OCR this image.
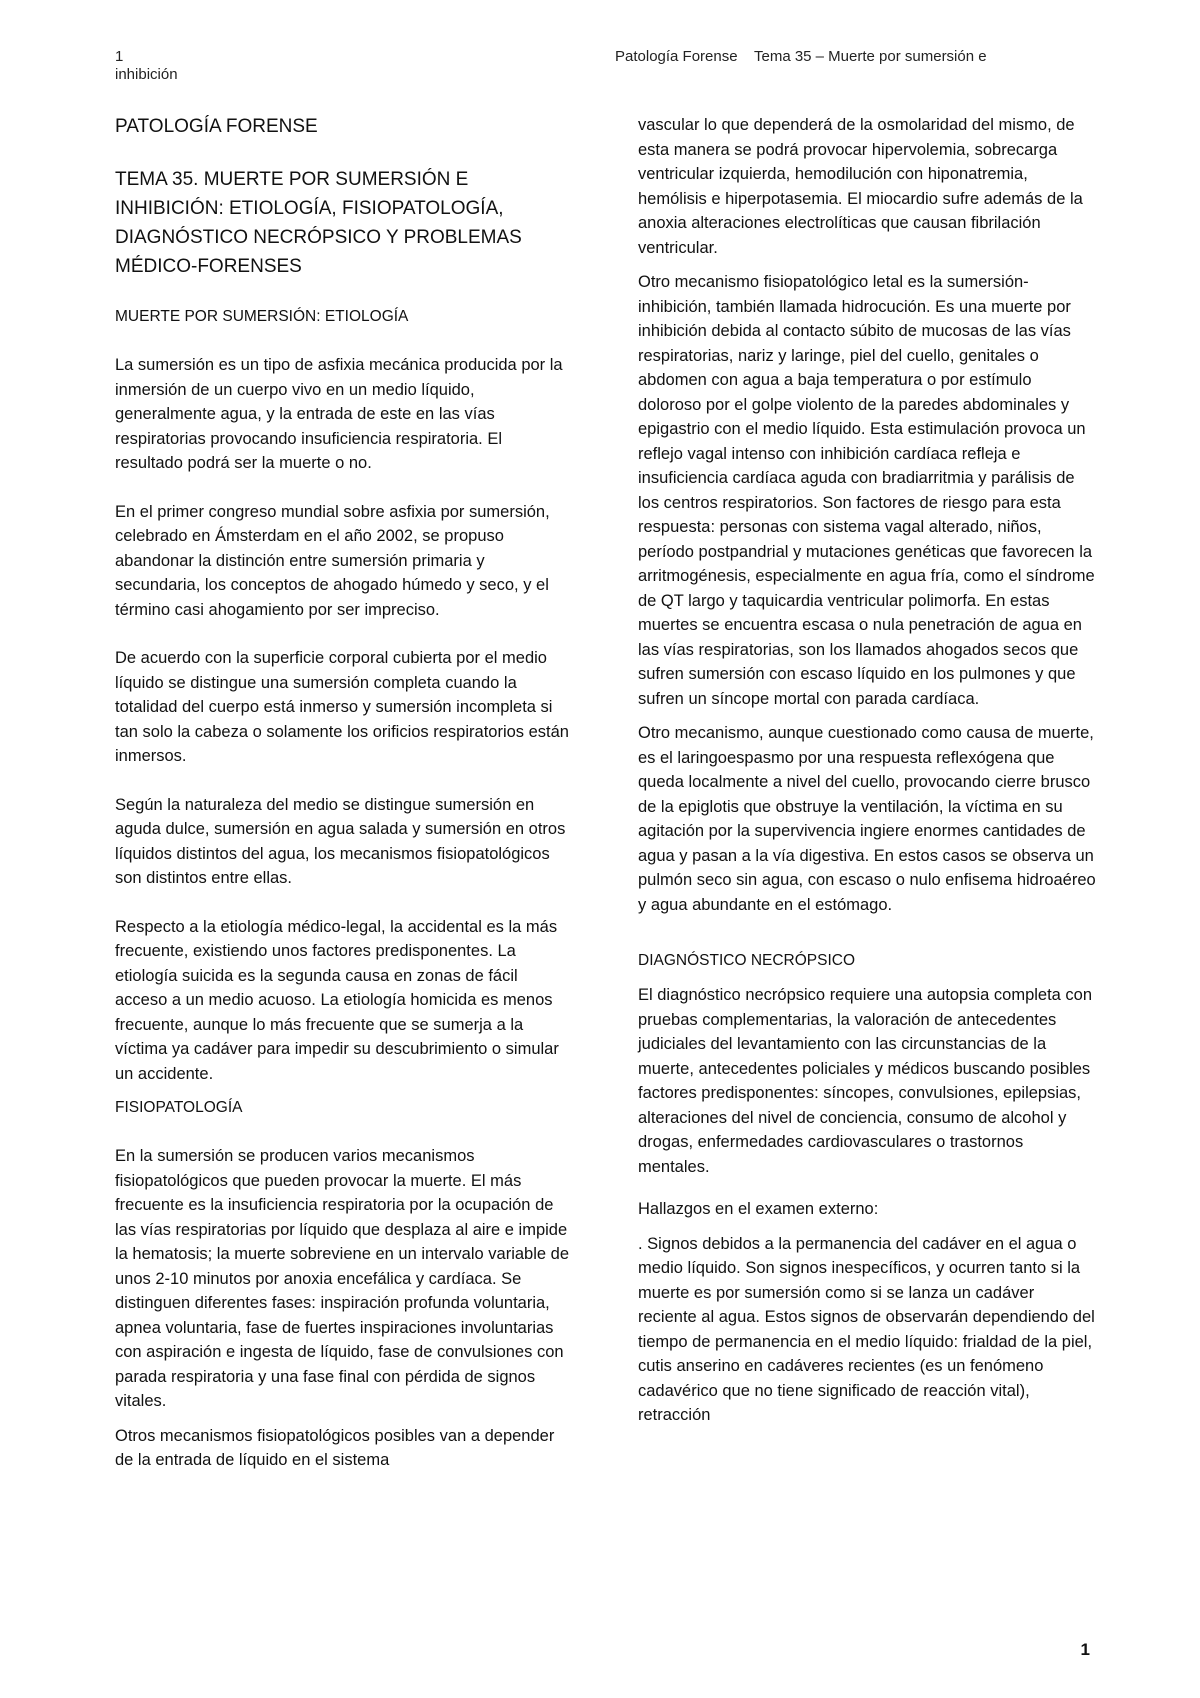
1
inhibición
Patología Forense    Tema 35 – Muerte por sumersión e

PATOLOGÍA FORENSE

TEMA 35. MUERTE POR SUMERSIÓN E INHIBICIÓN: ETIOLOGÍA, FISIOPATOLOGÍA, DIAGNÓSTICO NECRÓPSICO Y PROBLEMAS MÉDICO-FORENSES

MUERTE POR SUMERSIÓN: ETIOLOGÍA

La sumersión es un tipo de asfixia mecánica producida por la inmersión de un cuerpo vivo en un medio líquido, generalmente agua, y la entrada de este en las vías respiratorias provocando insuficiencia respiratoria. El resultado podrá ser la muerte o no.

En el primer congreso mundial sobre asfixia por sumersión, celebrado en Ámsterdam en el año 2002, se propuso abandonar la distinción entre sumersión primaria y secundaria, los conceptos de ahogado húmedo y seco, y el término casi ahogamiento por ser impreciso.

De acuerdo con la superficie corporal cubierta por el medio líquido se distingue una sumersión completa cuando la totalidad del cuerpo está inmerso y sumersión incompleta si tan solo la cabeza o solamente los orificios respiratorios están inmersos.

Según la naturaleza del medio se distingue sumersión en aguda dulce, sumersión en agua salada y sumersión en otros líquidos distintos del agua, los mecanismos fisiopatológicos son distintos entre ellas.

Respecto a la etiología médico-legal, la accidental es la más frecuente, existiendo unos factores predisponentes. La etiología suicida es la segunda causa en zonas de fácil acceso a un medio acuoso. La etiología homicida es menos frecuente, aunque lo más frecuente que se sumerja a la víctima ya cadáver para impedir su descubrimiento o simular un accidente.

FISIOPATOLOGÍA

En la sumersión se producen varios mecanismos fisiopatológicos que pueden provocar la muerte. El más frecuente es la insuficiencia respiratoria por la ocupación de las vías respiratorias por líquido que desplaza al aire e impide la hematosis; la muerte sobreviene en un intervalo variable de unos 2-10 minutos por anoxia encefálica y cardíaca. Se distinguen diferentes fases: inspiración profunda voluntaria, apnea voluntaria, fase de fuertes inspiraciones involuntarias con aspiración e ingesta de líquido, fase de convulsiones con parada respiratoria y una fase final con pérdida de signos vitales.

Otros mecanismos fisiopatológicos posibles van a depender de la entrada de líquido en el sistema

vascular lo que dependerá de la osmolaridad del mismo, de esta manera se podrá provocar hipervolemia, sobrecarga ventricular izquierda, hemodilución con hiponatremia, hemólisis e hiperpotasemia. El miocardio sufre además de la anoxia alteraciones electrolíticas que causan fibrilación ventricular.

Otro mecanismo fisiopatológico letal es la sumersión-inhibición, también llamada hidrocución. Es una muerte por inhibición debida al contacto súbito de mucosas de las vías respiratorias, nariz y laringe, piel del cuello, genitales o abdomen con agua a baja temperatura o por estímulo doloroso por el golpe violento de la paredes abdominales y epigastrio con el medio líquido. Esta estimulación provoca un reflejo vagal intenso con inhibición cardíaca refleja e insuficiencia cardíaca aguda con bradiarritmia y parálisis de los centros respiratorios. Son factores de riesgo para esta respuesta: personas con sistema vagal alterado, niños, período postpandrial y mutaciones genéticas que favorecen la arritmogénesis, especialmente en agua fría, como el síndrome de QT largo y taquicardia ventricular polimorfa. En estas muertes se encuentra escasa o nula penetración de agua en las vías respiratorias, son los llamados ahogados secos que sufren sumersión con escaso líquido en los pulmones y que sufren un síncope mortal con parada cardíaca.

Otro mecanismo, aunque cuestionado como causa de muerte, es el laringoespasmo por una respuesta reflexógena que queda localmente a nivel del cuello, provocando cierre brusco de la epiglotis que obstruye la ventilación, la víctima en su agitación por la supervivencia ingiere enormes cantidades de agua y pasan a la vía digestiva. En estos casos se observa un pulmón seco sin agua, con escaso o nulo enfisema hidroaéreo y agua abundante en el estómago.

DIAGNÓSTICO NECRÓPSICO

El diagnóstico necrópsico requiere una autopsia completa con pruebas complementarias, la valoración de antecedentes judiciales del levantamiento con las circunstancias de la muerte, antecedentes policiales y médicos buscando posibles factores predisponentes: síncopes, convulsiones, epilepsias, alteraciones del nivel de conciencia, consumo de alcohol y drogas, enfermedades cardiovasculares o trastornos mentales.

Hallazgos en el examen externo:

. Signos debidos a la permanencia del cadáver en el agua o medio líquido. Son signos inespecíficos, y ocurren tanto si la muerte es por sumersión como si se lanza un cadáver reciente al agua. Estos signos de observarán dependiendo del tiempo de permanencia en el medio líquido: frialdad de la piel, cutis anserino en cadáveres recientes (es un fenómeno cadavérico que no tiene significado de reacción vital), retracción

1
